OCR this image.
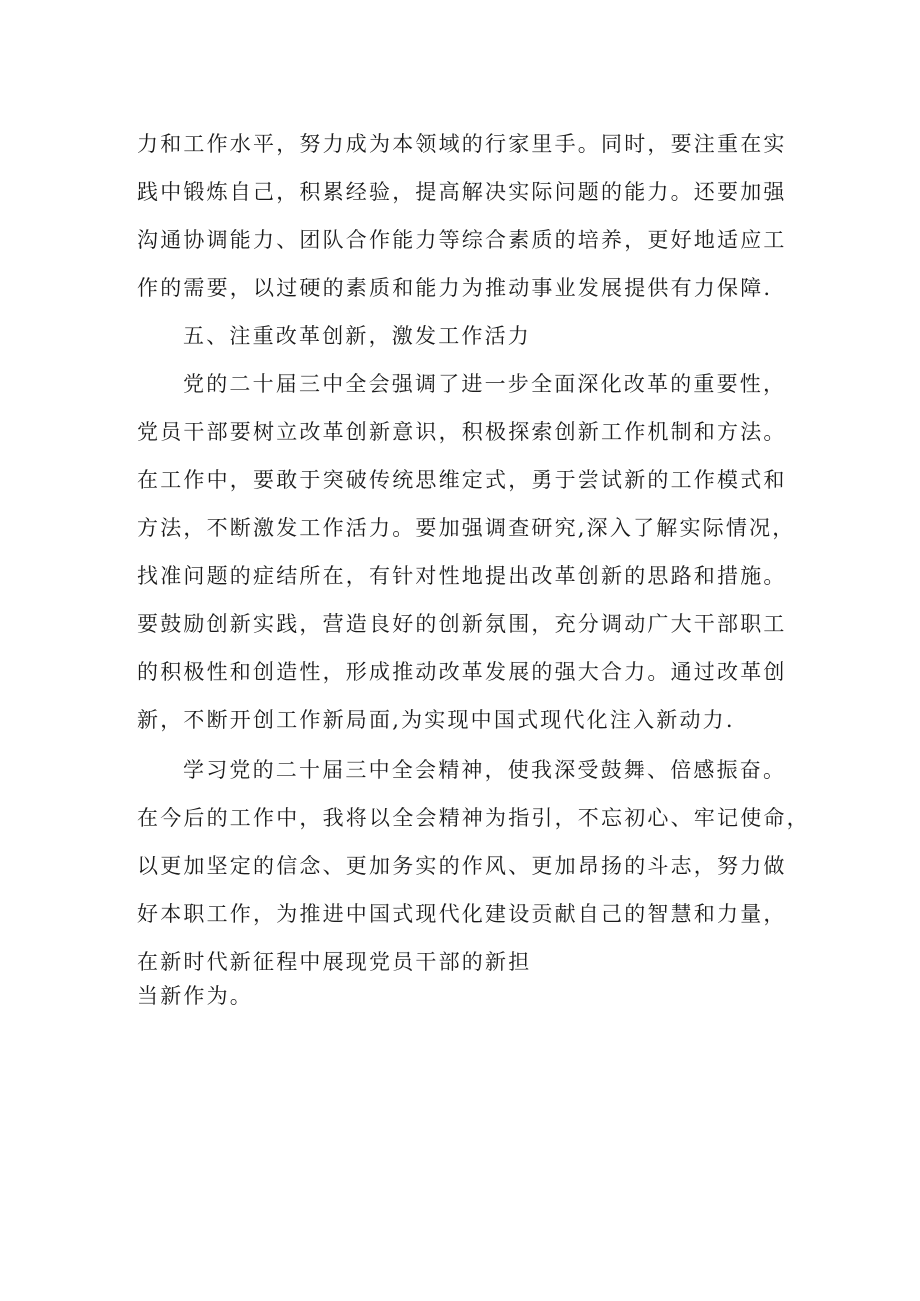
力和工作水平，努力成为本领域的行家里手。同时，要注重在实
践中锻炼自己，积累经验，提高解决实际问题的能力。还要加强
沟通协调能力、团队合作能力等综合素质的培养，更好地适应工
作的需要，以过硬的素质和能力为推动事业发展提供有力保障.
五、注重改革创新，激发工作活力
党的二十届三中全会强调了进一步全面深化改革的重要性，
党员干部要树立改革创新意识，积极探索创新工作机制和方法。
在工作中，要敢于突破传统思维定式，勇于尝试新的工作模式和
方法，不断激发工作活力。要加强调查研究,深入了解实际情况，
找准问题的症结所在，有针对性地提出改革创新的思路和措施。
要鼓励创新实践，营造良好的创新氛围，充分调动广大干部职工
的积极性和创造性，形成推动改革发展的强大合力。通过改革创
新，不断开创工作新局面,为实现中国式现代化注入新动力.
学习党的二十届三中全会精神，使我深受鼓舞、倍感振奋。
在今后的工作中，我将以全会精神为指引，不忘初心、牢记使命，
以更加坚定的信念、更加务实的作风、更加昂扬的斗志，努力做
好本职工作，为推进中国式现代化建设贡献自己的智慧和力量，
在新时代新征程中展现党员干部的新担
当新作为。
